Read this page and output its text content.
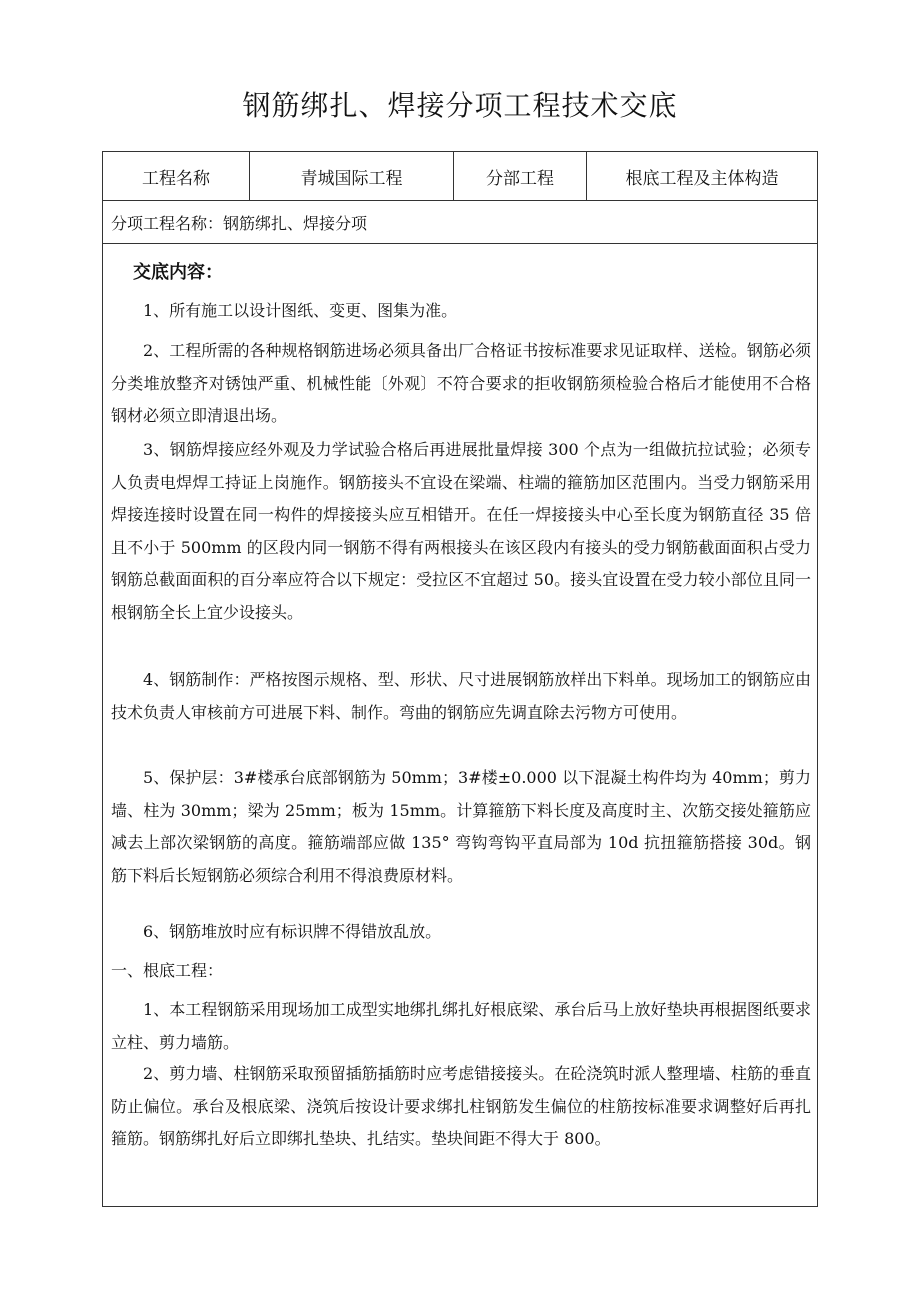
钢筋绑扎、焊接分项工程技术交底
工程名称	青城国际工程	分部工程	根底工程及主体构造
分项工程名称：钢筋绑扎、焊接分项
交底内容：
1、所有施工以设计图纸、变更、图集为准。
2、工程所需的各种规格钢筋进场必须具备出厂合格证书按标准要求见证取样、送检。钢筋必须分类堆放整齐对锈蚀严重、机械性能〔外观〕不符合要求的拒收钢筋须检验合格后才能使用不合格钢材必须立即清退出场。
3、钢筋焊接应经外观及力学试验合格后再进展批量焊接 300 个点为一组做抗拉试验；必须专人负责电焊焊工持证上岗施作。钢筋接头不宜设在梁端、柱端的箍筋加区范围内。当受力钢筋采用焊接连接时设置在同一构件的焊接接头应互相错开。在任一焊接接头中心至长度为钢筋直径 35 倍且不小于 500mm 的区段内同一钢筋不得有两根接头在该区段内有接头的受力钢筋截面面积占受力钢筋总截面面积的百分率应符合以下规定：受拉区不宜超过 50。接头宜设置在受力较小部位且同一根钢筋全长上宜少设接头。
4、钢筋制作：严格按图示规格、型、形状、尺寸进展钢筋放样出下料单。现场加工的钢筋应由技术负责人审核前方可进展下料、制作。弯曲的钢筋应先调直除去污物方可使用。
5、保护层：3#楼承台底部钢筋为 50mm；3#楼±0.000 以下混凝土构件均为 40mm；剪力墙、柱为 30mm；梁为 25mm；板为 15mm。计算箍筋下料长度及高度时主、次筋交接处箍筋应减去上部次梁钢筋的高度。箍筋端部应做 135° 弯钩弯钩平直局部为 10d 抗扭箍筋搭接 30d。钢筋下料后长短钢筋必须综合利用不得浪费原材料。
6、钢筋堆放时应有标识牌不得错放乱放。
一、根底工程：
1、本工程钢筋采用现场加工成型实地绑扎绑扎好根底梁、承台后马上放好垫块再根据图纸要求立柱、剪力墙筋。
2、剪力墙、柱钢筋采取预留插筋插筋时应考虑错接接头。在砼浇筑时派人整理墙、柱筋的垂直防止偏位。承台及根底梁、浇筑后按设计要求绑扎柱钢筋发生偏位的柱筋按标准要求调整好后再扎箍筋。钢筋绑扎好后立即绑扎垫块、扎结实。垫块间距不得大于 800。
